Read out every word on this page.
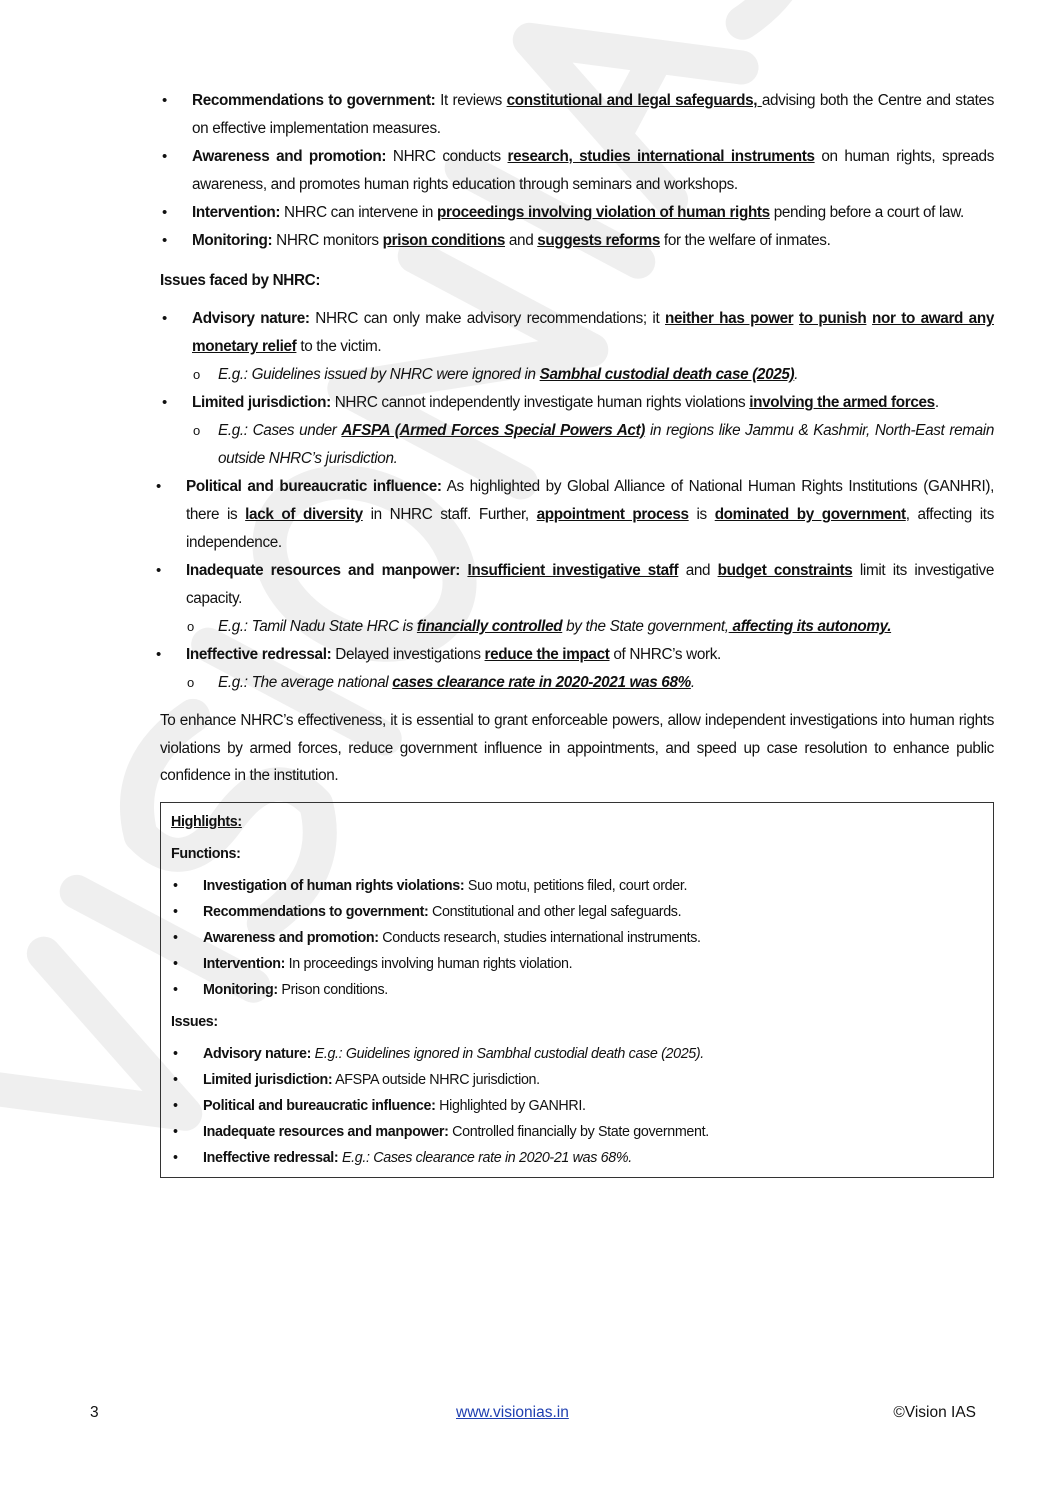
• Recommendations to government: It reviews constitutional and legal safeguards, advising both the Centre and states on effective implementation measures.
• Awareness and promotion: NHRC conducts research, studies international instruments on human rights, spreads awareness, and promotes human rights education through seminars and workshops.
• Intervention: NHRC can intervene in proceedings involving violation of human rights pending before a court of law.
• Monitoring: NHRC monitors prison conditions and suggests reforms for the welfare of inmates.
Issues faced by NHRC:
• Advisory nature: NHRC can only make advisory recommendations; it neither has power to punish nor to award any monetary relief to the victim.
o E.g.: Guidelines issued by NHRC were ignored in Sambhal custodial death case (2025).
• Limited jurisdiction: NHRC cannot independently investigate human rights violations involving the armed forces.
o E.g.: Cases under AFSPA (Armed Forces Special Powers Act) in regions like Jammu & Kashmir, North-East remain outside NHRC’s jurisdiction.
• Political and bureaucratic influence: As highlighted by Global Alliance of National Human Rights Institutions (GANHRI), there is lack of diversity in NHRC staff. Further, appointment process is dominated by government, affecting its independence.
• Inadequate resources and manpower: Insufficient investigative staff and budget constraints limit its investigative capacity.
o E.g.: Tamil Nadu State HRC is financially controlled by the State government, affecting its autonomy.
• Ineffective redressal: Delayed investigations reduce the impact of NHRC’s work.
o E.g.: The average national cases clearance rate in 2020-2021 was 68%.
To enhance NHRC’s effectiveness, it is essential to grant enforceable powers, allow independent investigations into human rights violations by armed forces, reduce government influence in appointments, and speed up case resolution to enhance public confidence in the institution.
Highlights:
Functions:
• Investigation of human rights violations: Suo motu, petitions filed, court order.
• Recommendations to government: Constitutional and other legal safeguards.
• Awareness and promotion: Conducts research, studies international instruments.
• Intervention: In proceedings involving human rights violation.
• Monitoring: Prison conditions.
Issues:
• Advisory nature: E.g.: Guidelines ignored in Sambhal custodial death case (2025).
• Limited jurisdiction: AFSPA outside NHRC jurisdiction.
• Political and bureaucratic influence: Highlighted by GANHRI.
• Inadequate resources and manpower: Controlled financially by State government.
• Ineffective redressal: E.g.: Cases clearance rate in 2020-21 was 68%.
3	www.visionias.in	©Vision IAS
